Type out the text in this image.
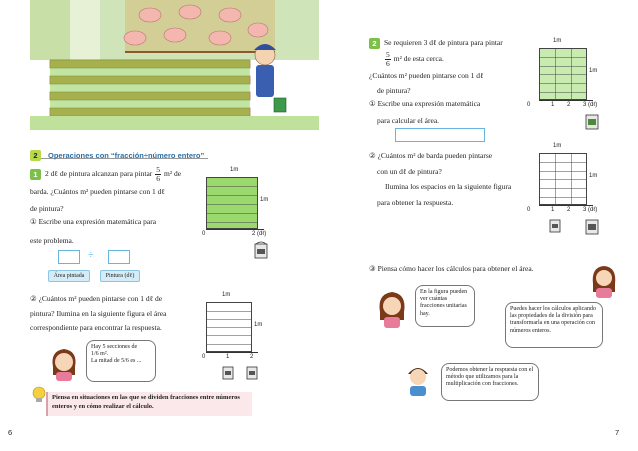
2 Operaciones con “fracción÷número entero”
1 2 dℓ de pintura alcanzan para pintar $\frac{5}{6} m^2$ de
barda. ¿Cuántos m² pueden pintarse con 1 dℓ
de pintura?
1m
1m
0	2 (dℓ)
① Escribe una expresión matemática para
este problema.
÷
Área pintada	Pintura (dℓ)
② ¿Cuántos m² pueden pintarse con 1 dℓ de
pintura? Ilumina en la siguiente figura el área
correspondiente para encontrar la respuesta.
Hay 5 secciones de
1/6 m².
La mitad de 5/6 es ...
1m
1m
0	1	2
Piensa en situaciones en las que se dividen fracciones entre números
enteros y en cómo realizar el cálculo.
6
2 Se requieren 3 dℓ de pintura para pintar
$\frac{5}{6} m^2$ de esta cerca.
¿Cuántos m² pueden pintarse con 1 dℓ
de pintura?
1m
1m
0	1 2 3 (dℓ)
① Escribe una expresión matemática
para calcular el área.
② ¿Cuántos m² de barda pueden pintarse
con un dℓ de pintura?
Ilumina los espacios en la siguiente figura
para obtener la respuesta.
1m
1m
0	1 2 3 (dℓ)
③ Piensa cómo hacer los cálculos para obtener el área.
En la figura pueden ver cuántas fracciones unitarias hay.
Puedes hacer los cálculos aplicando las propiedades de la división para transformarla en una operación con números enteros.
Podemos obtener la respuesta con el método que utilizamos para la multiplicación con fracciones.
7
